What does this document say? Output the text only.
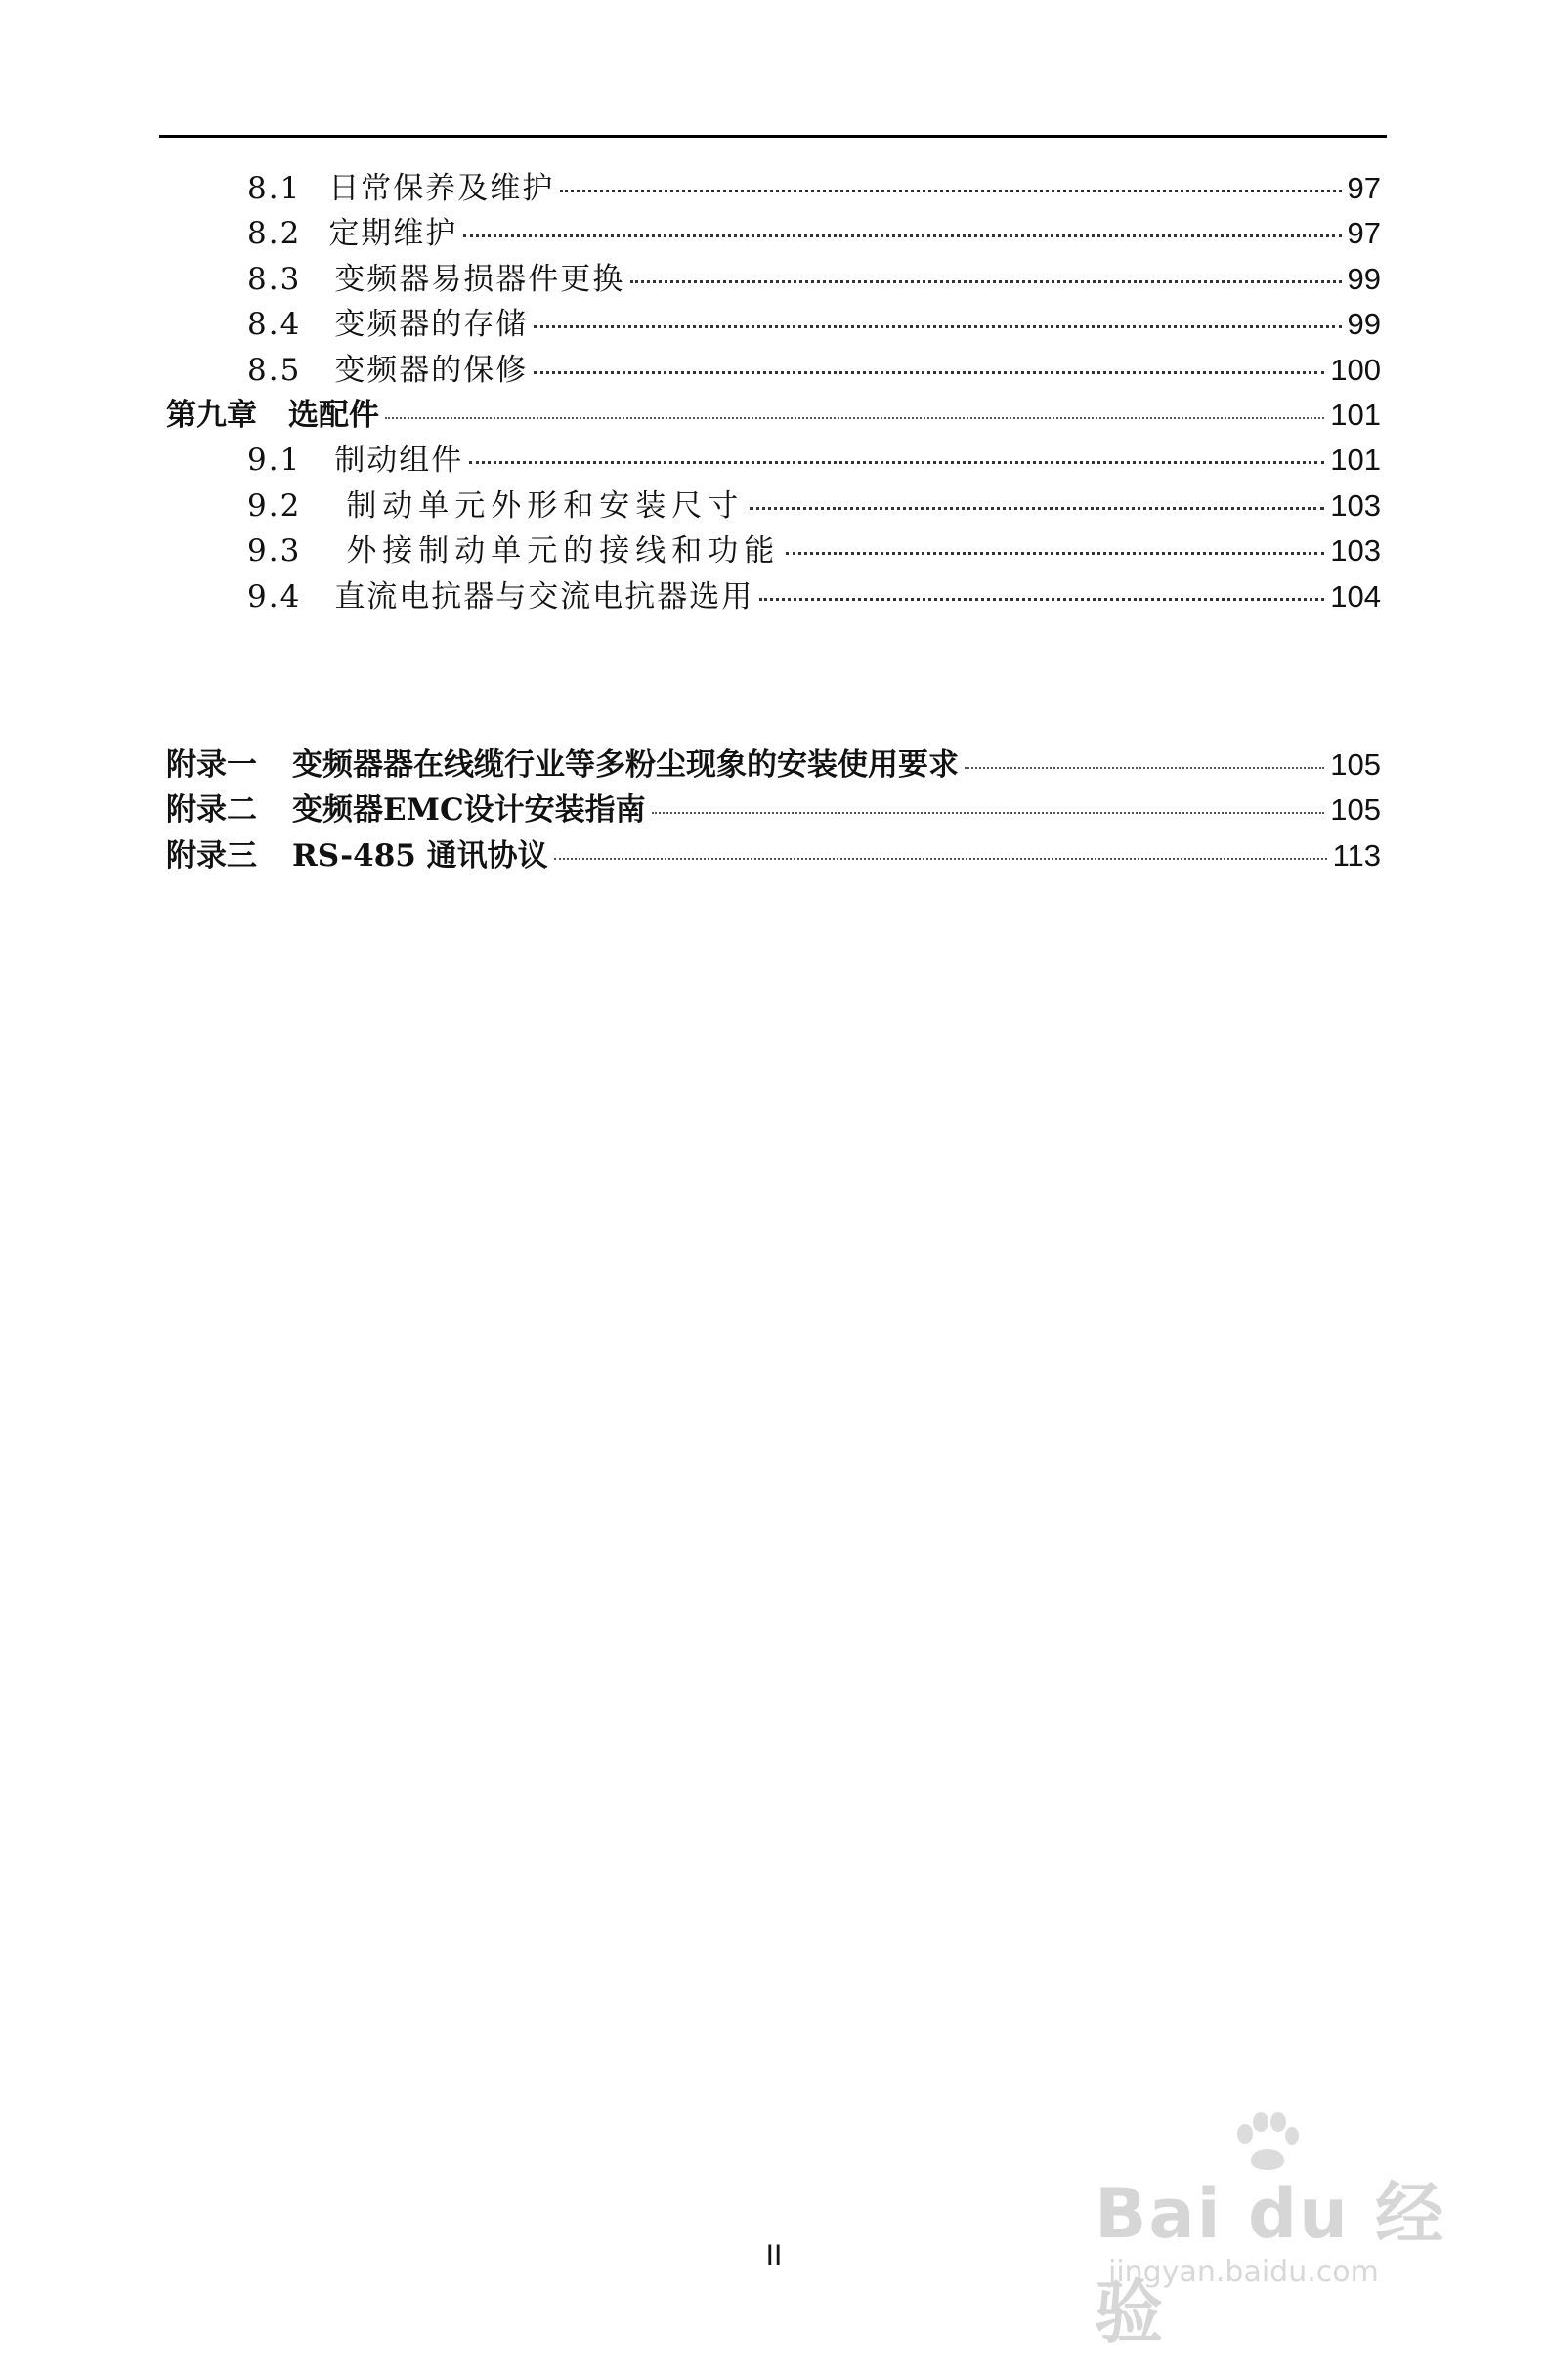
8.1 日常保养及维护	97
8.2 定期维护	97
8.3 变频器易损器件更换	99
8.4 变频器的存储	99
8.5 变频器的保修	100
第九章 选配件	101
9.1 制动组件	101
9.2 制动单元外形和安装尺寸	103
9.3 外接制动单元的接线和功能	103
9.4 直流电抗器与交流电抗器选用	104
附录一 变频器器在线缆行业等多粉尘现象的安装使用要求	105
附录二 变频器EMC设计安装指南	105
附录三 RS-485 通讯协议	113
II
Bai du 经验
jingyan.baidu.com
